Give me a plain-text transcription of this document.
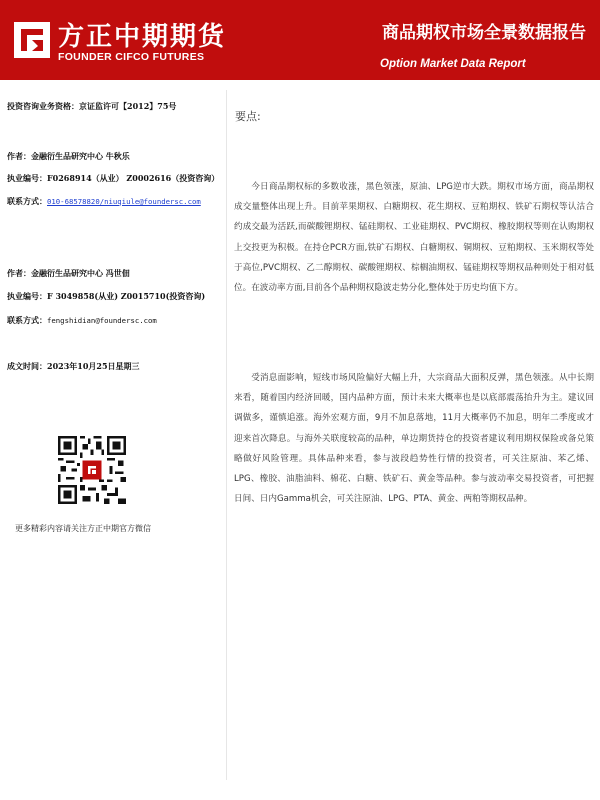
方正中期期货
FOUNDER CIFCO FUTURES
商品期权市场全景数据报告
Option Market Data Report
投资咨询业务资格：京证监许可【2012】75号
作者：金融衍生品研究中心 牛秋乐
执业编号：F0268914（从业） Z0002616（投资咨询）
联系方式：010-68578820/niuqiule@foundersc.com
作者：金融衍生品研究中心 冯世佃
执业编号：F 3049858(从业) Z0015710(投资咨询)
联系方式：fengshidian@foundersc.com
成文时间：2023年10月25日星期三
更多精彩内容请关注方正中期官方微信
要点:

今日商品期权标的多数收涨，黑色领涨，原油、LPG逆市大跌。期权市场方面，商品期权成交量整体出现上升。目前苹果期权、白糖期权、花生期权、豆粕期权、铁矿石期权等认沽合约成交最为活跃,而碳酸锂期权、锰硅期权、工业硅期权、PVC期权、橡胶期权等则在认购期权上交投更为积极。在持仓PCR方面,铁矿石期权、白糖期权、铜期权、豆粕期权、玉米期权等处于高位,PVC期权、乙二醇期权、碳酸锂期权、棕榈油期权、锰硅期权等期权品种则处于相对低位。在波动率方面,目前各个品种期权隐波走势分化,整体处于历史均值下方。

受消息面影响，短线市场风险偏好大幅上升，大宗商品大面积反弹，黑色领涨。从中长期来看，随着国内经济回暖，国内品种方面，预计未来大概率也是以底部震荡抬升为主。建议回调做多，谨慎追涨。海外宏观方面，9月不加息落地，11月大概率仍不加息，明年二季度或才迎来首次降息。与海外关联度较高的品种，单边期货持仓的投资者建议利用期权保险或备兑策略做好风险管理。具体品种来看，参与波段趋势性行情的投资者，可关注原油、苯乙烯、LPG、橡胶、油脂油料、棉花、白糖、铁矿石、黄金等品种。参与波动率交易投资者，可把握日间、日内Gamma机会，可关注原油、LPG、PTA、黄金、两粕等期权品种。
